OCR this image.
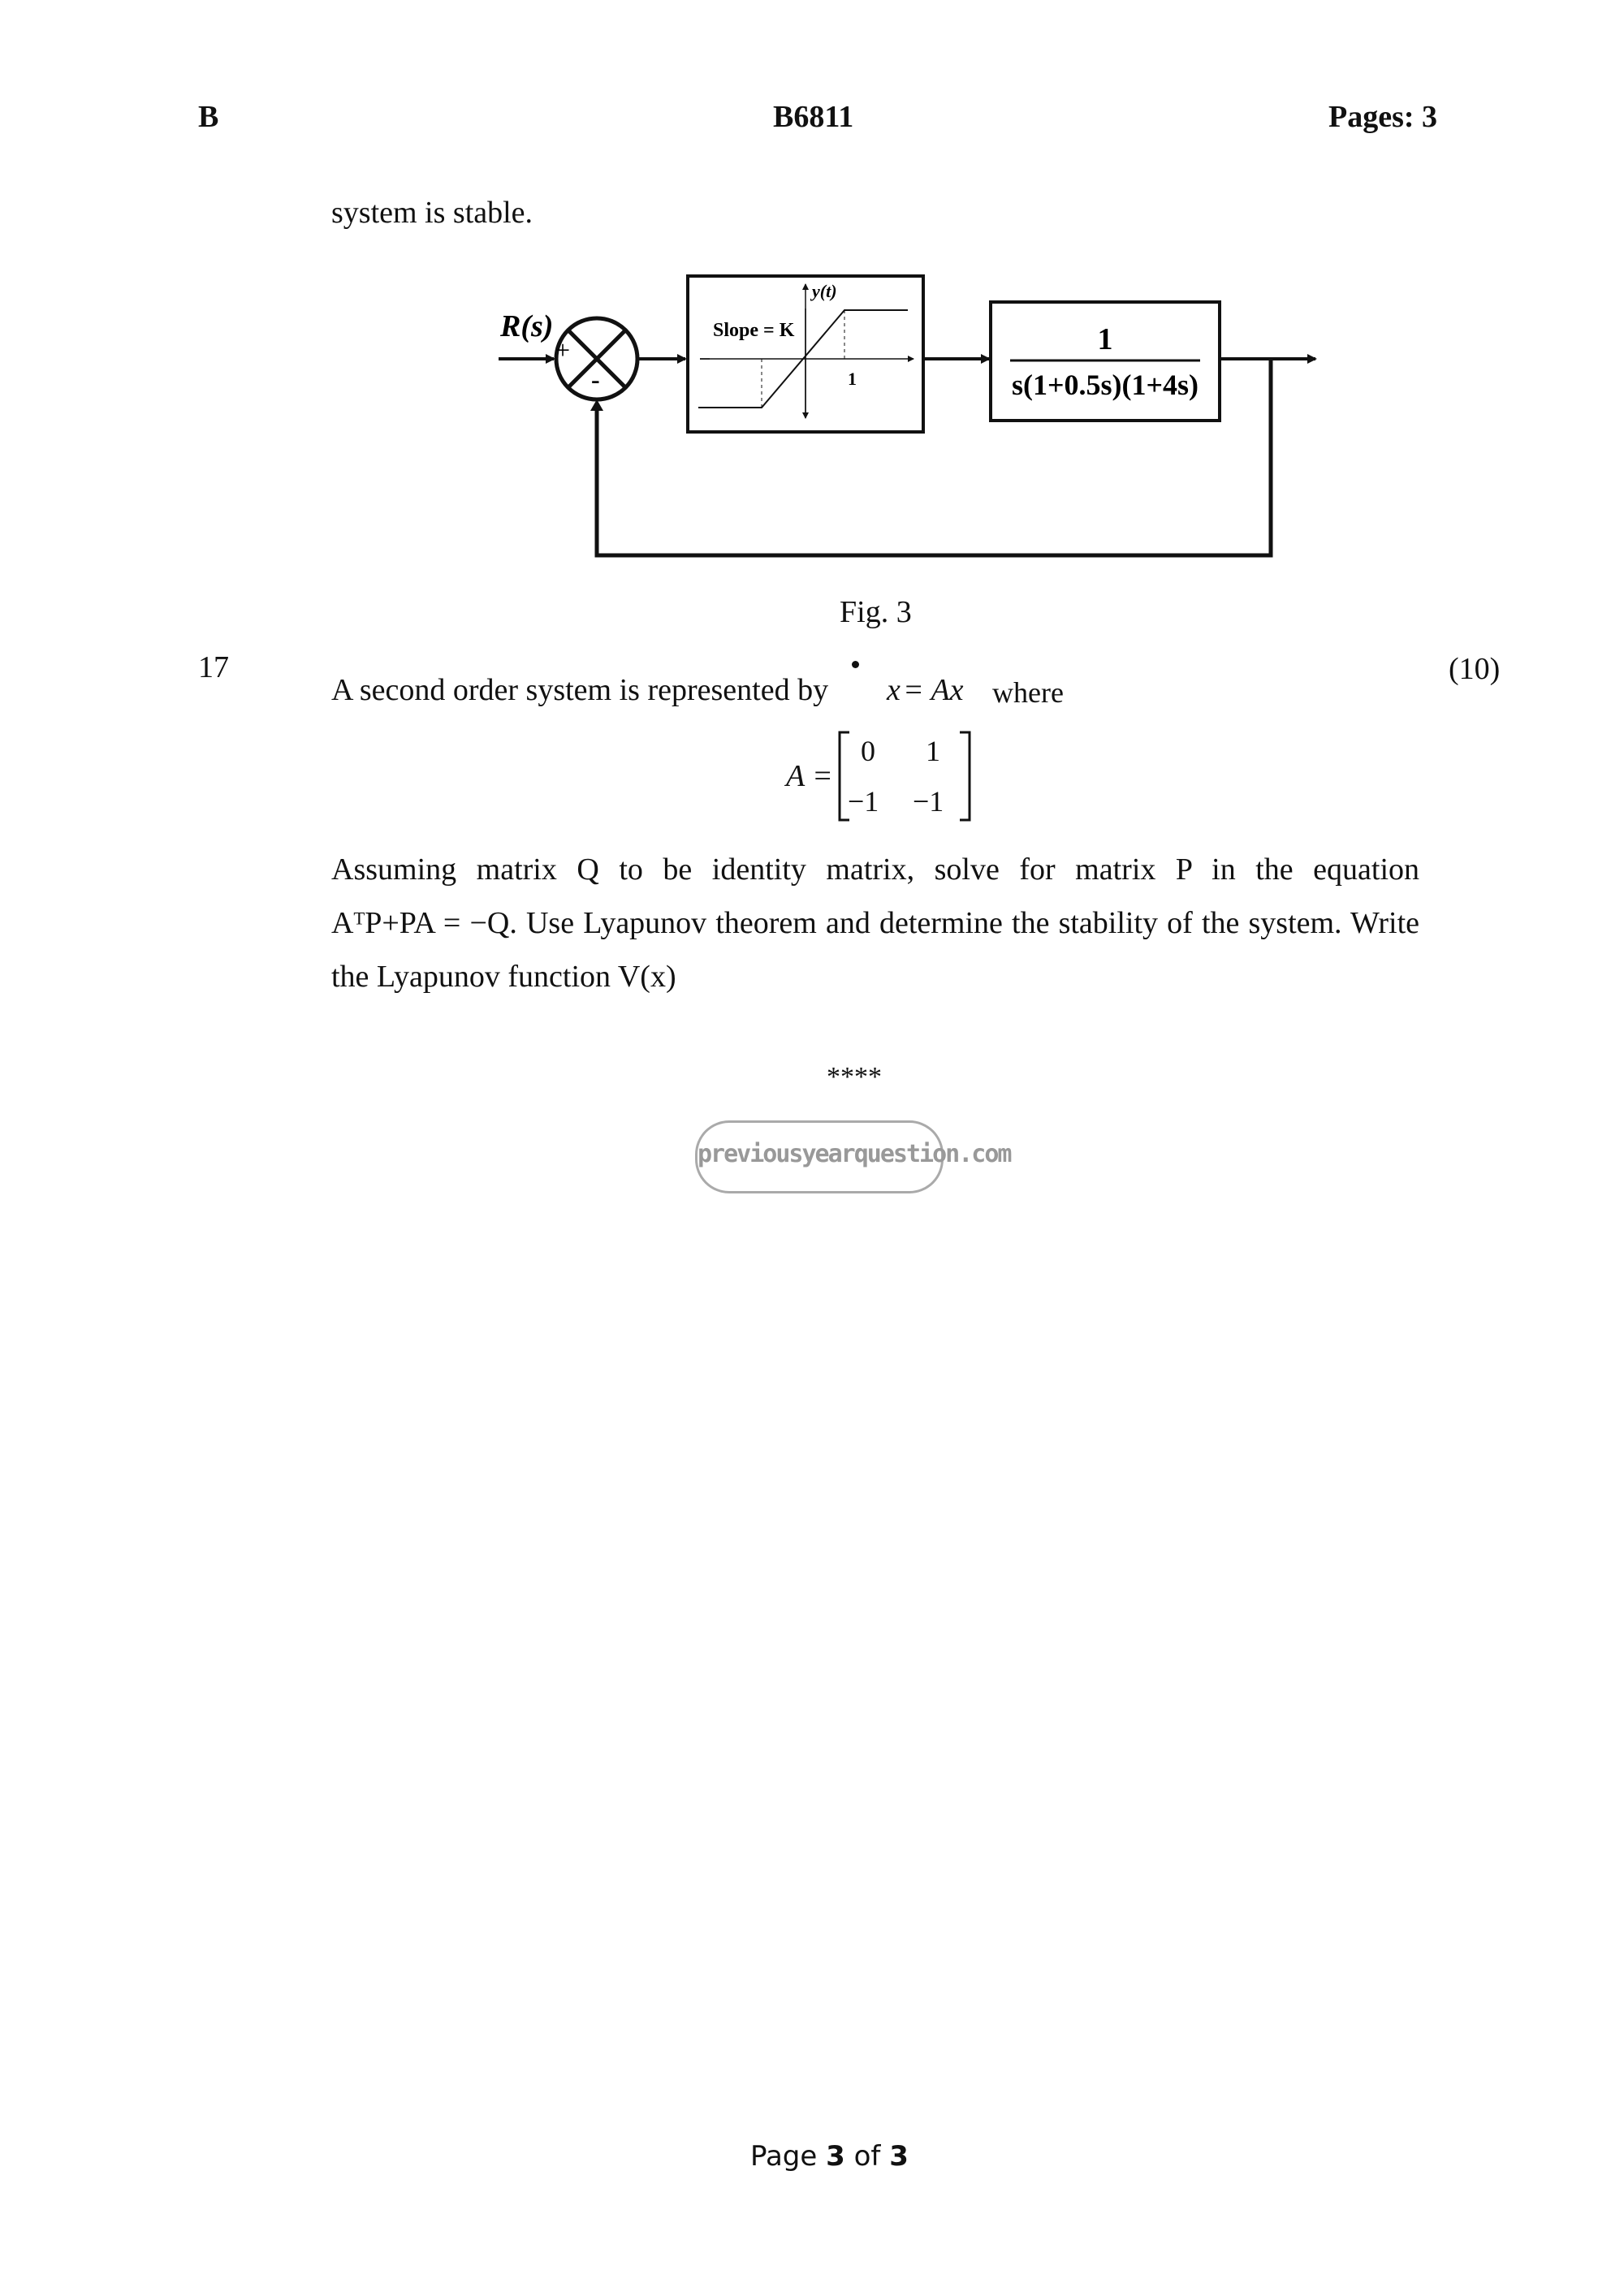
B	B6811	Pages: 3
system is stable.
R(s)
+
-
y(t)
Slope = K
1
1
s(1+0.5s)(1+4s)
Fig. 3
17	(10)
A second order system is represented by x = Ax where
A =
0 1
−1 −1
Assuming matrix Q to be identity matrix, solve for matrix P in the equation
AᵀP+PA = −Q. Use Lyapunov theorem and determine the stability of the system. Write
the Lyapunov function V(x)
****
previousyearquestion.com
Page 3 of 3
